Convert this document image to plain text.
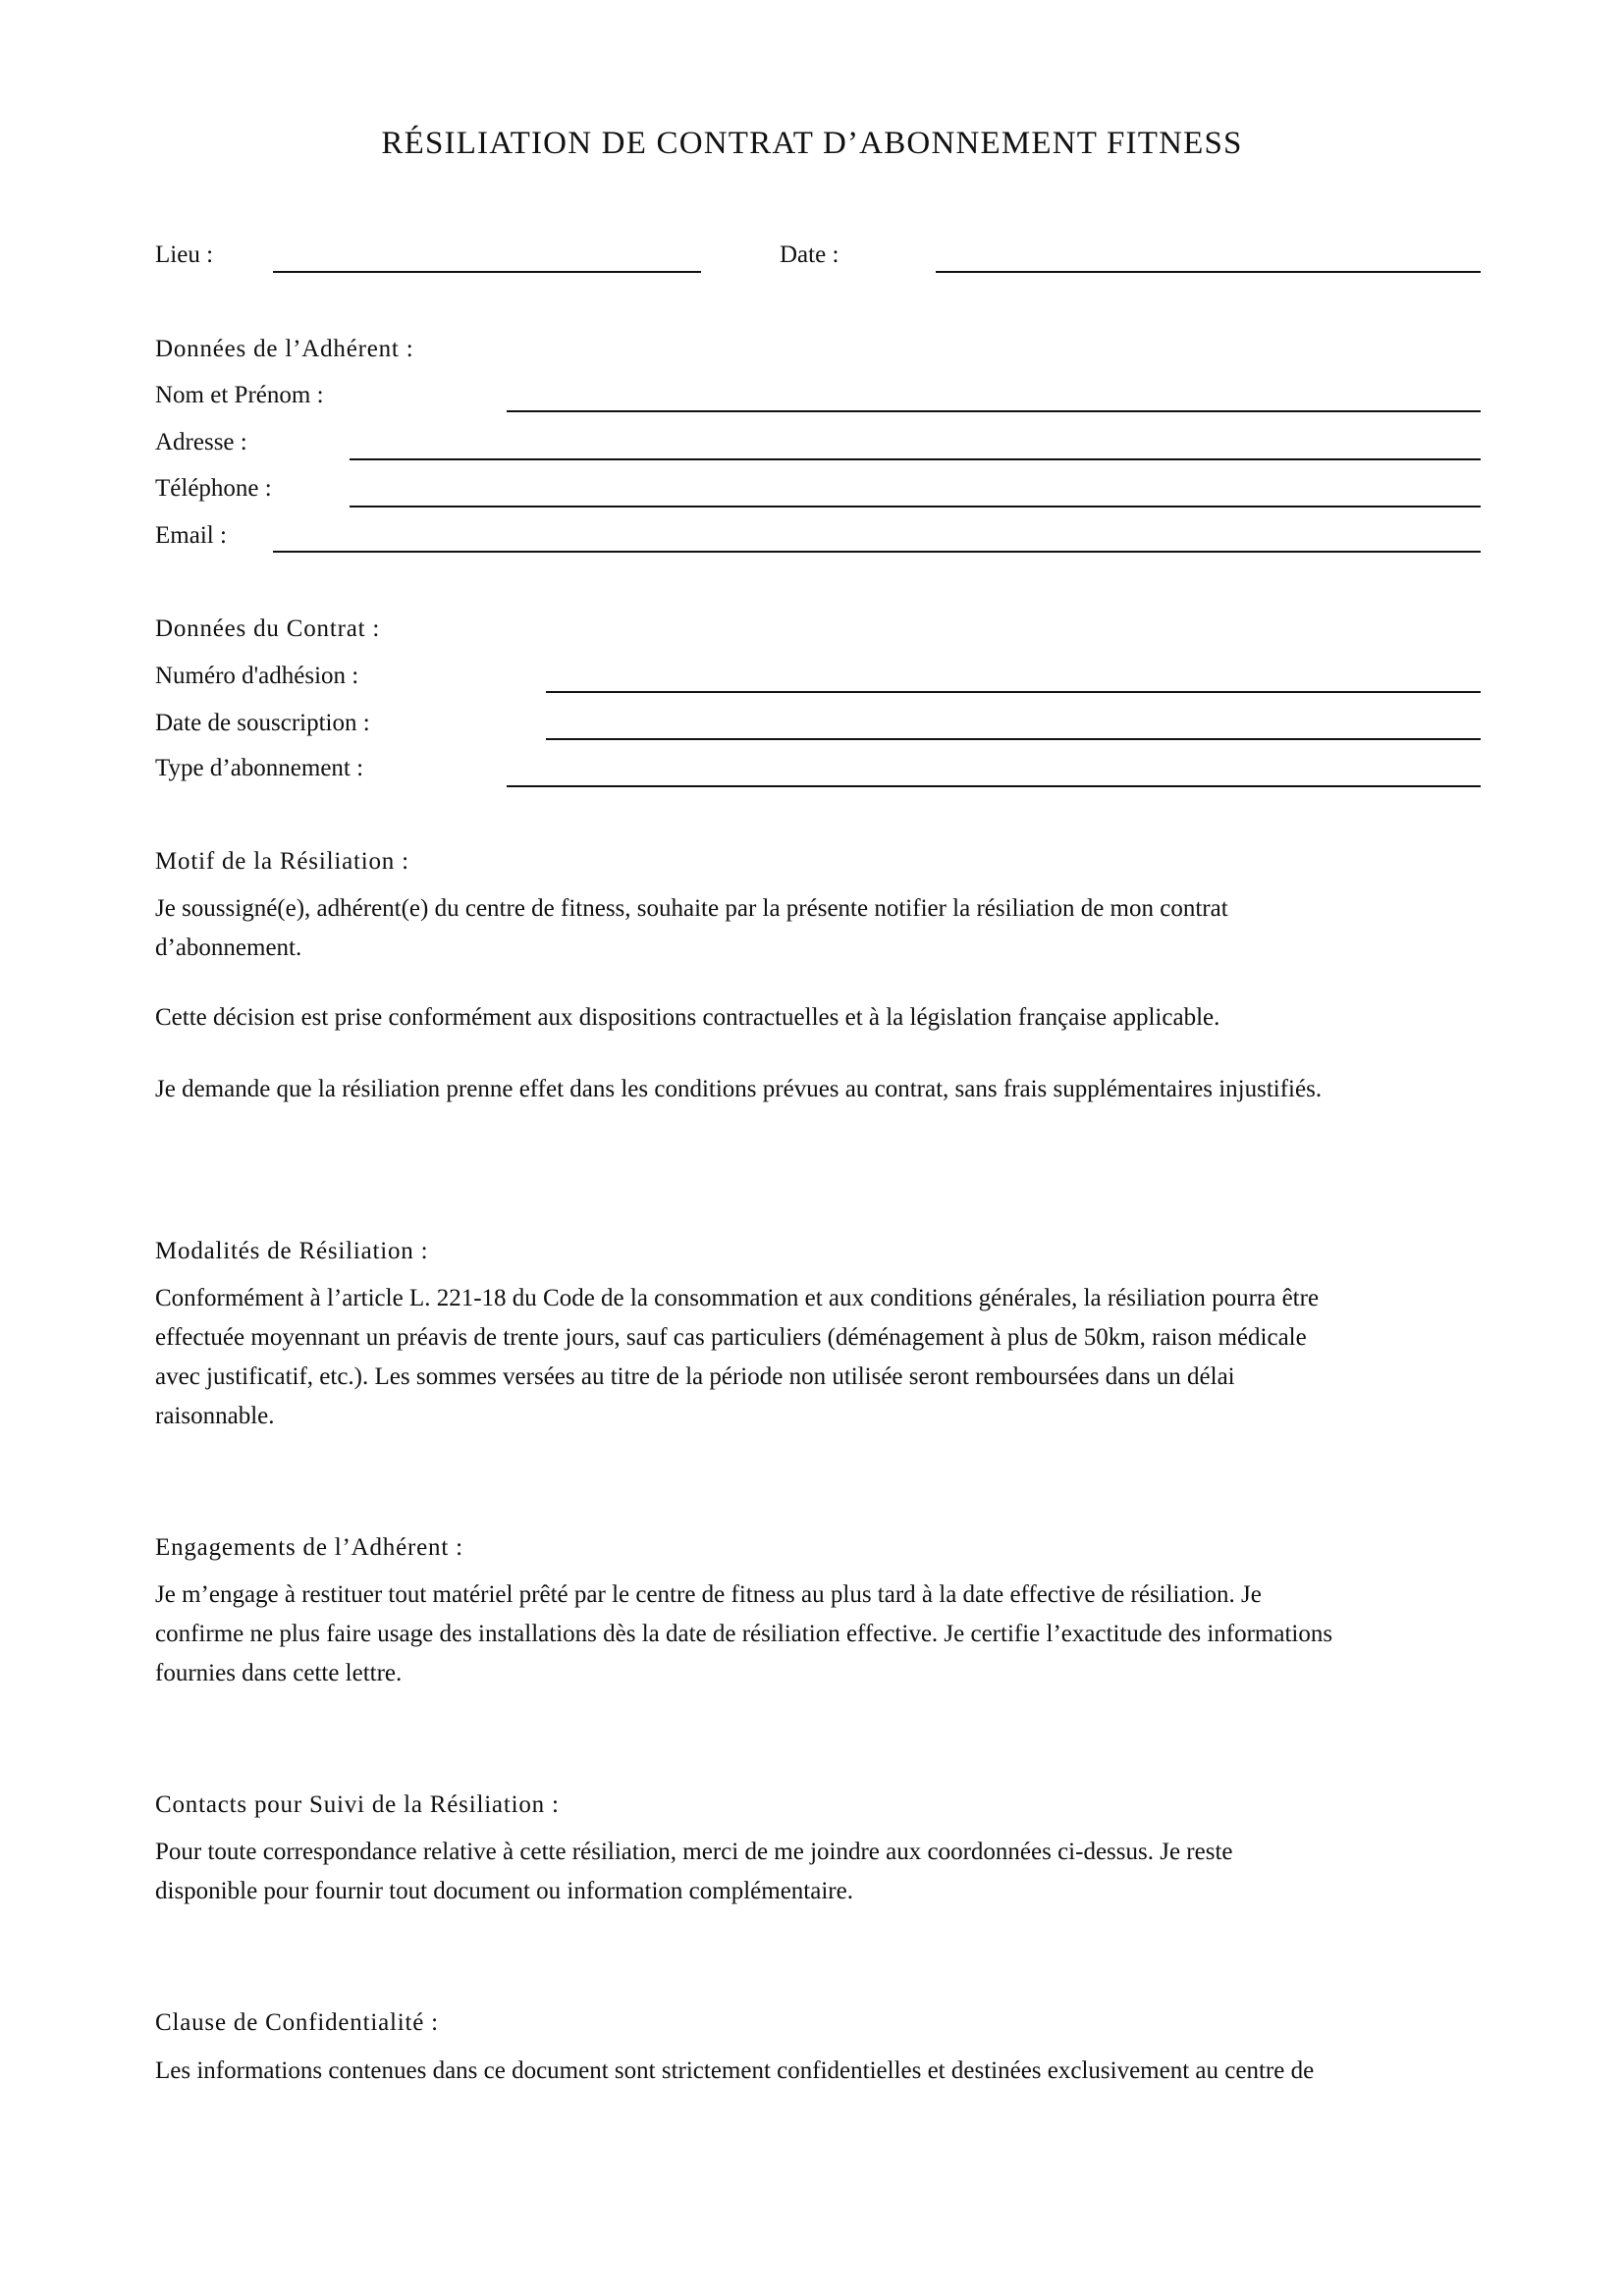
RÉSILIATION DE CONTRAT D’ABONNEMENT FITNESS
Lieu :	Date :
Données de l’Adhérent :
Nom et Prénom :
Adresse :
Téléphone :
Email :
Données du Contrat :
Numéro d'adhésion :
Date de souscription :
Type d’abonnement :
Motif de la Résiliation :
Je soussigné(e), adhérent(e) du centre de fitness, souhaite par la présente notifier la résiliation de mon contrat
d’abonnement.
Cette décision est prise conformément aux dispositions contractuelles et à la législation française applicable.
Je demande que la résiliation prenne effet dans les conditions prévues au contrat, sans frais supplémentaires injustifiés.
Modalités de Résiliation :
Conformément à l’article L. 221-18 du Code de la consommation et aux conditions générales, la résiliation pourra être
effectuée moyennant un préavis de trente jours, sauf cas particuliers (déménagement à plus de 50km, raison médicale
avec justificatif, etc.). Les sommes versées au titre de la période non utilisée seront remboursées dans un délai
raisonnable.
Engagements de l’Adhérent :
Je m’engage à restituer tout matériel prêté par le centre de fitness au plus tard à la date effective de résiliation. Je
confirme ne plus faire usage des installations dès la date de résiliation effective. Je certifie l’exactitude des informations
fournies dans cette lettre.
Contacts pour Suivi de la Résiliation :
Pour toute correspondance relative à cette résiliation, merci de me joindre aux coordonnées ci-dessus. Je reste
disponible pour fournir tout document ou information complémentaire.
Clause de Confidentialité :
Les informations contenues dans ce document sont strictement confidentielles et destinées exclusivement au centre de
